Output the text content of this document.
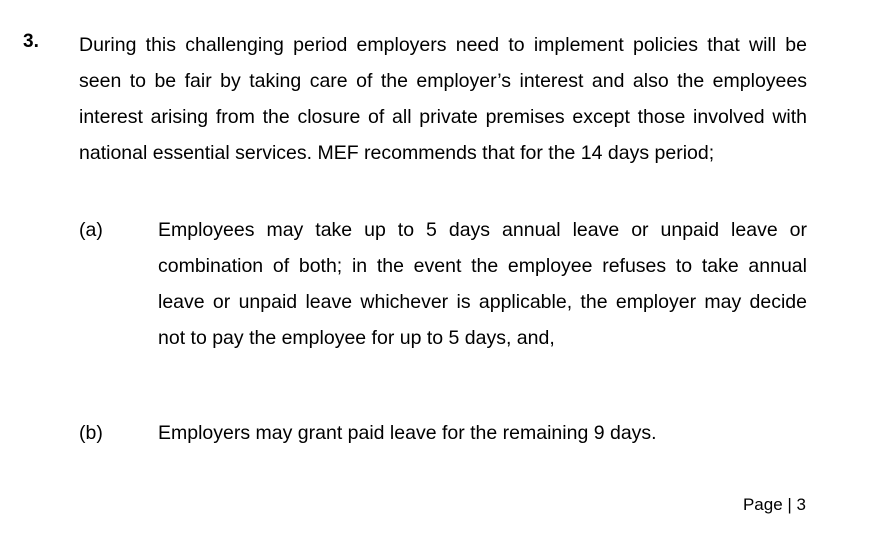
3. During this challenging period employers need to implement policies that will be seen to be fair by taking care of the employer’s interest and also the employees interest arising from the closure of all private premises except those involved with national essential services. MEF recommends that for the 14 days period;
(a)	Employees may take up to 5 days annual leave or unpaid leave or combination of both; in the event the employee refuses to take annual leave or unpaid leave whichever is applicable, the employer may decide not to pay the employee for up to 5 days, and,
(b)	Employers may grant paid leave for the remaining 9 days.
Page | 3
